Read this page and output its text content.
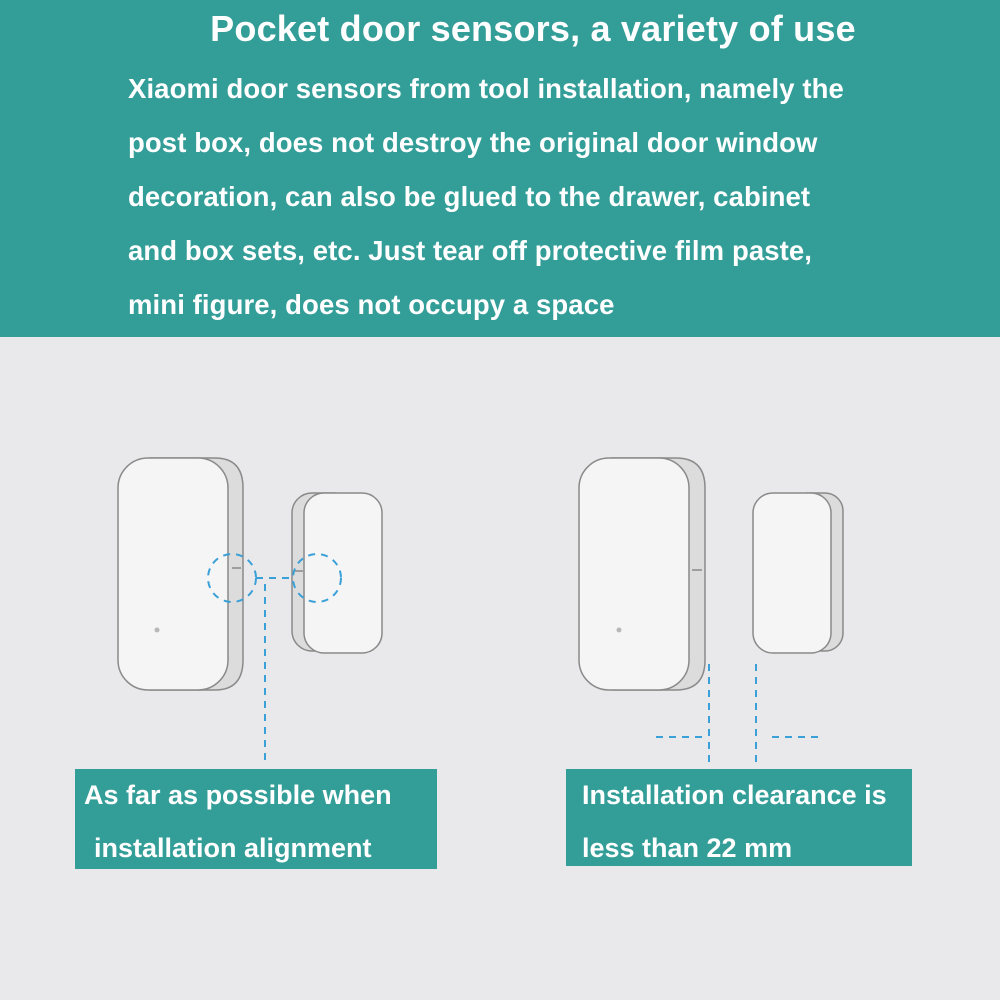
Pocket door sensors, a variety of use
Xiaomi door sensors from tool installation, namely the
post box, does not destroy the original door window
decoration, can also be glued to the drawer, cabinet
and box sets, etc. Just tear off protective film paste,
mini figure, does not occupy a space
As far as possible when
installation alignment
Installation clearance is
less than 22 mm
